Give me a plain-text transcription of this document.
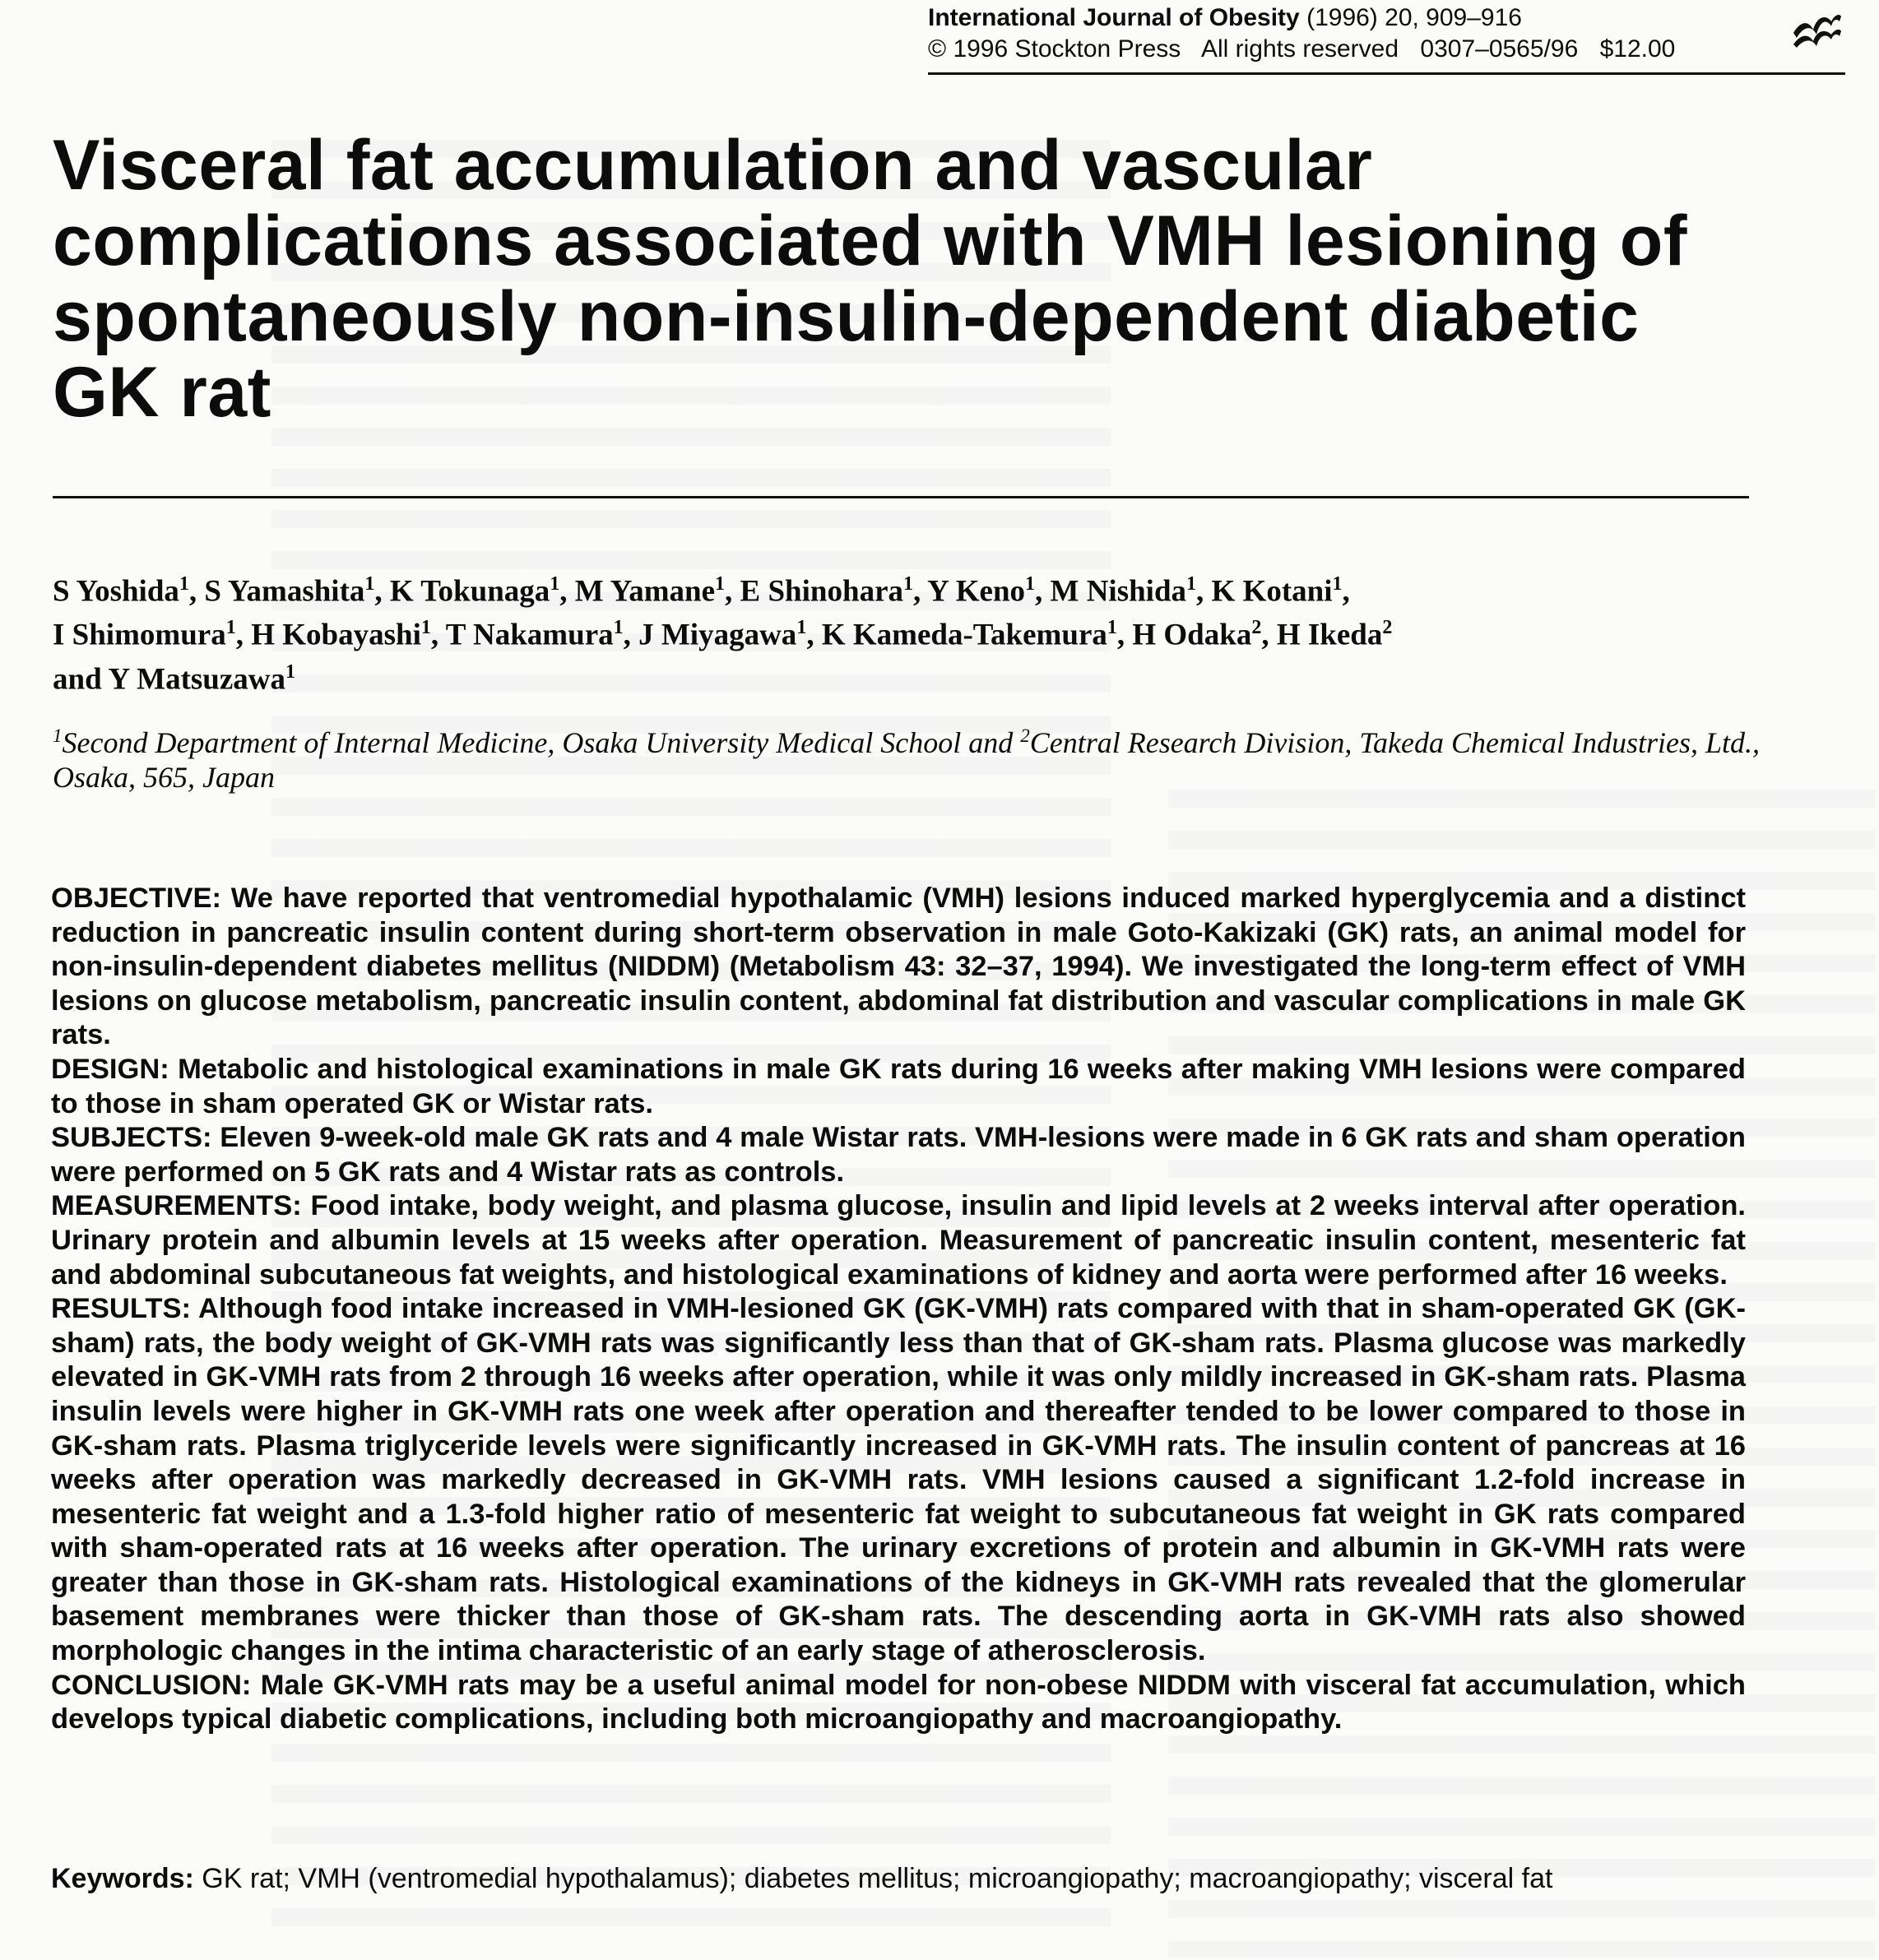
International Journal of Obesity (1996) 20, 909–916
© 1996 Stockton Press All rights reserved 0307–0565/96 $12.00
Visceral fat accumulation and vascular complications associated with VMH lesioning of spontaneously non-insulin-dependent diabetic GK rat
S Yoshida$^1$, S Yamashita$^1$, K Tokunaga$^1$, M Yamane$^1$, E Shinohara$^1$, Y Keno$^1$, M Nishida$^1$, K Kotani$^1$,
I Shimomura$^1$, H Kobayashi$^1$, T Nakamura$^1$, J Miyagawa$^1$, K Kameda-Takemura$^1$, H Odaka$^2$, H Ikeda$^2$
and Y Matsuzawa$^1$
$^1$Second Department of Internal Medicine, Osaka University Medical School and $^2$Central Research Division, Takeda Chemical Industries, Ltd., Osaka, 565, Japan

OBJECTIVE: We have reported that ventromedial hypothalamic (VMH) lesions induced marked hyperglycemia and a distinct reduction in pancreatic insulin content during short-term observation in male Goto-Kakizaki (GK) rats, an animal model for non-insulin-dependent diabetes mellitus (NIDDM) (Metabolism 43: 32–37, 1994). We investigated the long-term effect of VMH lesions on glucose metabolism, pancreatic insulin content, abdominal fat distribution and vascular complications in male GK rats.

DESIGN: Metabolic and histological examinations in male GK rats during 16 weeks after making VMH lesions were compared to those in sham operated GK or Wistar rats.

SUBJECTS: Eleven 9-week-old male GK rats and 4 male Wistar rats. VMH-lesions were made in 6 GK rats and sham operation were performed on 5 GK rats and 4 Wistar rats as controls.

MEASUREMENTS: Food intake, body weight, and plasma glucose, insulin and lipid levels at 2 weeks interval after operation. Urinary protein and albumin levels at 15 weeks after operation. Measurement of pancreatic insulin content, mesenteric fat and abdominal subcutaneous fat weights, and histological examinations of kidney and aorta were performed after 16 weeks.

RESULTS: Although food intake increased in VMH-lesioned GK (GK-VMH) rats compared with that in sham-operated GK (GK-sham) rats, the body weight of GK-VMH rats was significantly less than that of GK-sham rats. Plasma glucose was markedly elevated in GK-VMH rats from 2 through 16 weeks after operation, while it was only mildly increased in GK-sham rats. Plasma insulin levels were higher in GK-VMH rats one week after operation and thereafter tended to be lower compared to those in GK-sham rats. Plasma triglyceride levels were significantly increased in GK-VMH rats. The insulin content of pancreas at 16 weeks after operation was markedly decreased in GK-VMH rats. VMH lesions caused a significant 1.2-fold increase in mesenteric fat weight and a 1.3-fold higher ratio of mesenteric fat weight to subcutaneous fat weight in GK rats compared with sham-operated rats at 16 weeks after operation. The urinary excretions of protein and albumin in GK-VMH rats were greater than those in GK-sham rats. Histological examinations of the kidneys in GK-VMH rats revealed that the glomerular basement membranes were thicker than those of GK-sham rats. The descending aorta in GK-VMH rats also showed morphologic changes in the intima characteristic of an early stage of atherosclerosis.

CONCLUSION: Male GK-VMH rats may be a useful animal model for non-obese NIDDM with visceral fat accumulation, which develops typical diabetic complications, including both microangiopathy and macroangiopathy.

Keywords: GK rat; VMH (ventromedial hypothalamus); diabetes mellitus; microangiopathy; macroangiopathy; visceral fat
